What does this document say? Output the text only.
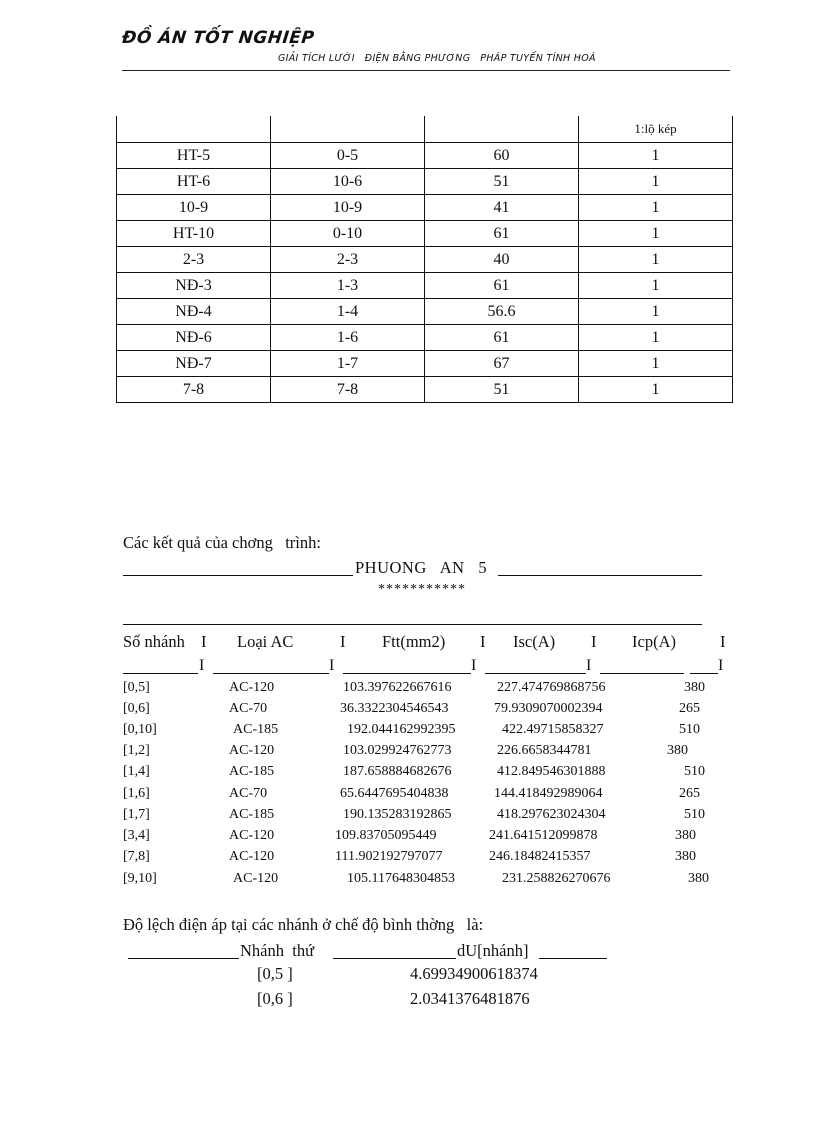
ĐỒ ÁN TỐT NGHIỆP
GIẢI TÍCH LƯỚI   ĐIỆN BẰNG PHƯƠNG   PHÁP TUYẾN TÍNH HOÁ
			1:lộ kép
HT-5	0-5	60	1
HT-6	10-6	51	1
10-9	10-9	41	1
HT-10	0-10	61	1
2-3	2-3	40	1
NĐ-3	1-3	61	1
NĐ-4	1-4	56.6	1
NĐ-6	1-6	61	1
NĐ-7	1-7	67	1
7-8	7-8	51	1
Các kết quả của chơng   trình:
PHUONG   AN   5
***********
Số nhánh I Loại AC	I Ftt(mm2) I Isc(A) I Icp(A)	I
I	I	I	I	I
[0,5]	AC-120	103.397622667616	227.474769868756	380
[0,6]	AC-70	36.3322304546543	79.9309070002394	265
[0,10]	AC-185	192.044162992395	422.49715858327	510
[1,2]	AC-120	103.029924762773	226.6658344781	380
[1,4]	AC-185	187.658884682676	412.849546301888	510
[1,6]	AC-70	65.6447695404838	144.418492989064	265
[1,7]	AC-185	190.135283192865	418.297623024304	510
[3,4]	AC-120	109.83705095449	241.641512099878	380
[7,8]	AC-120	111.902192797077	246.18482415357	380
[9,10]	AC-120	105.117648304853	231.258826270676	380
Độ lệch điện áp tại các nhánh ở chế độ bình thờng   là:
Nhánh  thứ	dU[nhánh]
[0,5 ]	4.69934900618374
[0,6 ]	2.0341376481876
